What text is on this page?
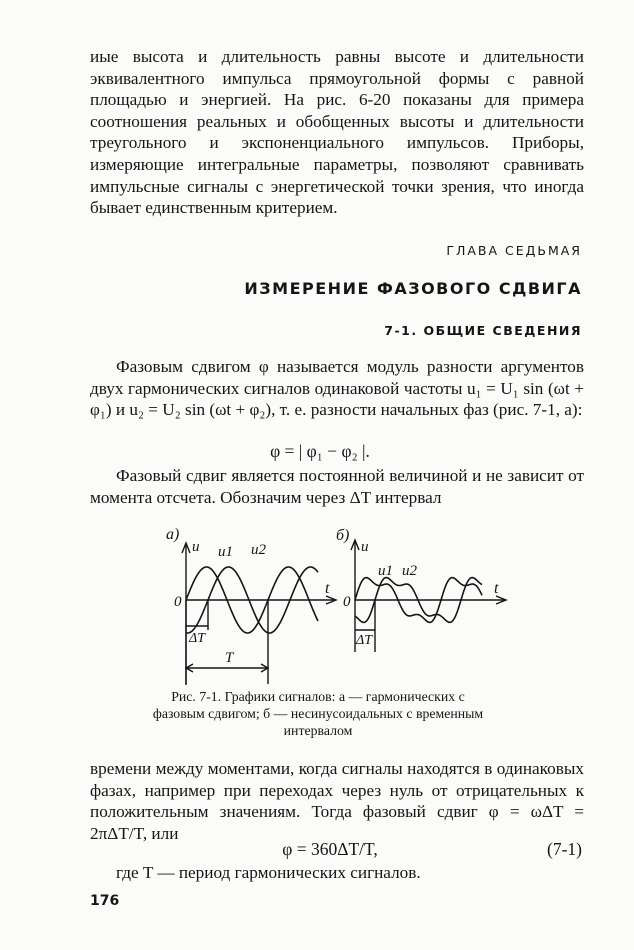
иые высота и длительность равны высоте и длительности эквивалентного импульса прямоугольной формы с равной площадью и энергией. На рис. 6-20 показаны для примера соотношения реальных и обобщенных высоты и длительности треугольного и экспоненциального импульсов. Приборы, измеряющие интегральные параметры, позволяют сравнивать импульсные сигналы с энергетической точки зрения, что иногда бывает единственным критерием.

ГЛАВА СЕДЬМАЯ

ИЗМЕРЕНИЕ ФАЗОВОГО СДВИГА

7-1. ОБЩИЕ СВЕДЕНИЯ

Фазовым сдвигом φ называется модуль разности аргументов двух гармонических сигналов одинаковой частоты u₁ = U₁ sin (ωt + φ₁) и u₂ = U₂ sin (ωt + φ₂), т. е. разности начальных фаз (рис. 7-1, а):

φ = | φ₁ − φ₂ |.

Фазовый сдвиг является постоянной величиной и не зависит от момента отсчета. Обозначим через ΔT интервал

а)
u u1 u2
t
0
ΔT
T
б)
u
u1 u2
t
0
ΔT

Рис. 7-1. Графики сигналов: а — гармонических с фазовым сдвигом; б — несинусоидальных с временным интервалом

времени между моментами, когда сигналы находятся в одинаковых фазах, например при переходах через нуль от отрицательных к положительным значениям. Тогда фазовый сдвиг φ = ωΔT = 2πΔT/T, или

φ = 360ΔT/T,	(7-1)

где T — период гармонических сигналов.

176
